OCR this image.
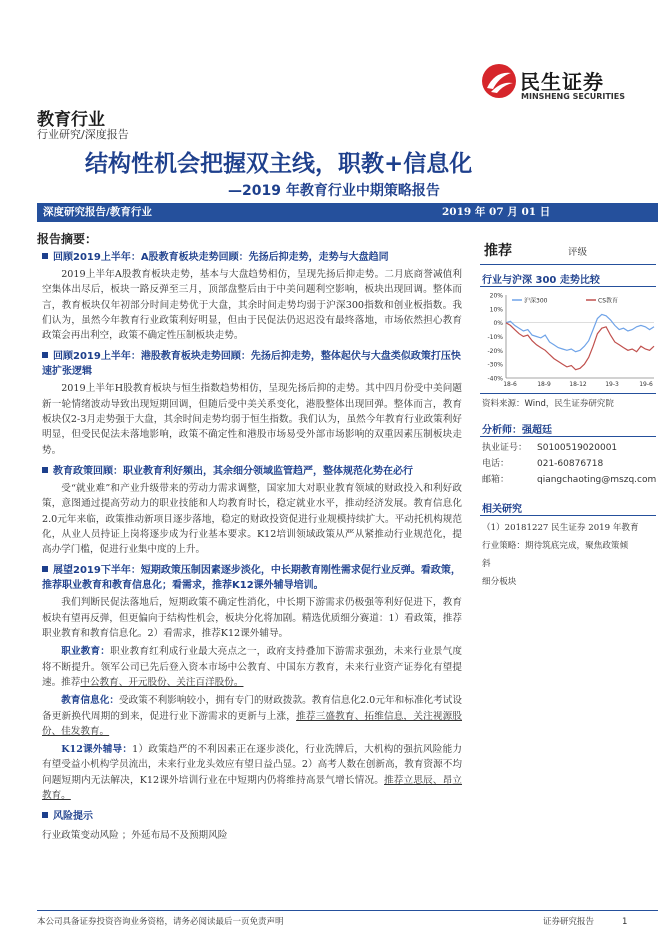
民生证券
MINSHENG SECURITIES
教育行业
行业研究/深度报告
结构性机会把握双主线，职教+信息化
—2019 年教育行业中期策略报告
深度研究报告/教育行业	2019 年 07 月 01 日
报告摘要：
回顾2019上半年：A股教育板块走势回顾：先扬后抑走势，走势与大盘趋同
2019上半年A股教育板块走势，基本与大盘趋势相仿，呈现先扬后抑走势。二月底商誉减值利空集体出尽后，板块一路反弹至三月，顶部盘整后由于中美问题利空影响，板块出现回调。整体而言，教育板块仅年初部分时间走势优于大盘，其余时间走势均弱于沪深300指数和创业板指数。我们认为，虽然今年教育行业政策利好明显，但由于民促法仍迟迟没有最终落地，市场依然担心教育政策会再出利空，政策不确定性压制板块走势。
回顾2019上半年：港股教育板块走势回顾：先扬后抑走势，整体起伏与大盘类似政策打压快速扩张逻辑
2019上半年H股教育板块与恒生指数趋势相仿，呈现先扬后抑的走势。其中四月份受中美问题新一轮情绪波动导致出现短期回调，但随后受中美关系变化，港股整体出现回弹。整体而言，教育板块仅2-3月走势强于大盘，其余时间走势均弱于恒生指数。我们认为，虽然今年教育行业政策利好明显，但受民促法未落地影响，政策不确定性和港股市场易受外部市场影响的双重因素压制板块走势。
教育政策回顾：职业教育利好频出，其余细分领域监管趋严，整体规范化势在必行
受“就业难”和产业升级带来的劳动力需求调整，国家加大对职业教育领域的财政投入和利好政策，意图通过提高劳动力的职业技能和人均教育时长，稳定就业水平，推动经济发展。教育信息化2.0元年来临，政策推动新项目逐步落地，稳定的财政投资促进行业规模持续扩大。平动托机构规范化，从业人员持证上岗将逐步成为行业基本要求。K12培训领域政策从严从紧推动行业规范化，提高办学门槛，促进行业集中度的上升。
展望2019下半年：短期政策压制因素逐步淡化，中长期教育刚性需求促行业反弹。看政策，推荐职业教育和教育信息化；看需求，推荐K12课外辅导培训。
我们判断民促法落地后，短期政策不确定性消化，中长期下游需求仍极强等利好促进下，教育板块有望再反弹，但更偏向于结构性机会，板块分化将加剧。精选优质细分赛道：1）看政策，推荐职业教育和教育信息化。2）看需求，推荐K12课外辅导。
职业教育：职业教育红利成行业最大亮点之一，政府支持叠加下游需求强劲，未来行业景气度将不断提升。领军公司已先后登入资本市场中公教育、中国东方教育，未来行业资产证券化有望提速。推荐中公教育、开元股份、关注百洋股份。
教育信息化：受政策不利影响较小，拥有专门的财政拨款。教育信息化2.0元年和标准化考试设备更新换代周期的到来，促进行业下游需求的更新与上涨，推荐三盛教育、拓维信息，关注视源股份、佳发教育。
K12课外辅导：1）政策趋严的不利因素正在逐步淡化，行业洗牌后，大机构的强抗风险能力有望受益小机构学员流出，未来行业龙头效应有望日益凸显。2）高考人数在创新高，教育资源不均问题短期内无法解决，K12课外培训行业在中短期内仍将维持高景气增长情况。推荐立思辰、昂立教育。
风险提示
行业政策变动风险 ；外延布局不及预期风险
推荐	评级
行业与沪深 300 走势比较
20%
10%
0%
-10%
-20%
-30%
-40%
18-6	18-9	18-12	19-3	19-6
沪深300	CS教育
资料来源：Wind，民生证券研究院
分析师：强超廷
执业证号： S0100519020001
电话：	021-60876718
邮箱：	qiangchaoting@mszq.com
相关研究
（1）20181227 民生证券 2019 年教育
行业策略：期待筑底完成，聚焦政策倾
斜
细分板块
本公司具备证券投资咨询业务资格，请务必阅读最后一页免责声明	证券研究报告	1
